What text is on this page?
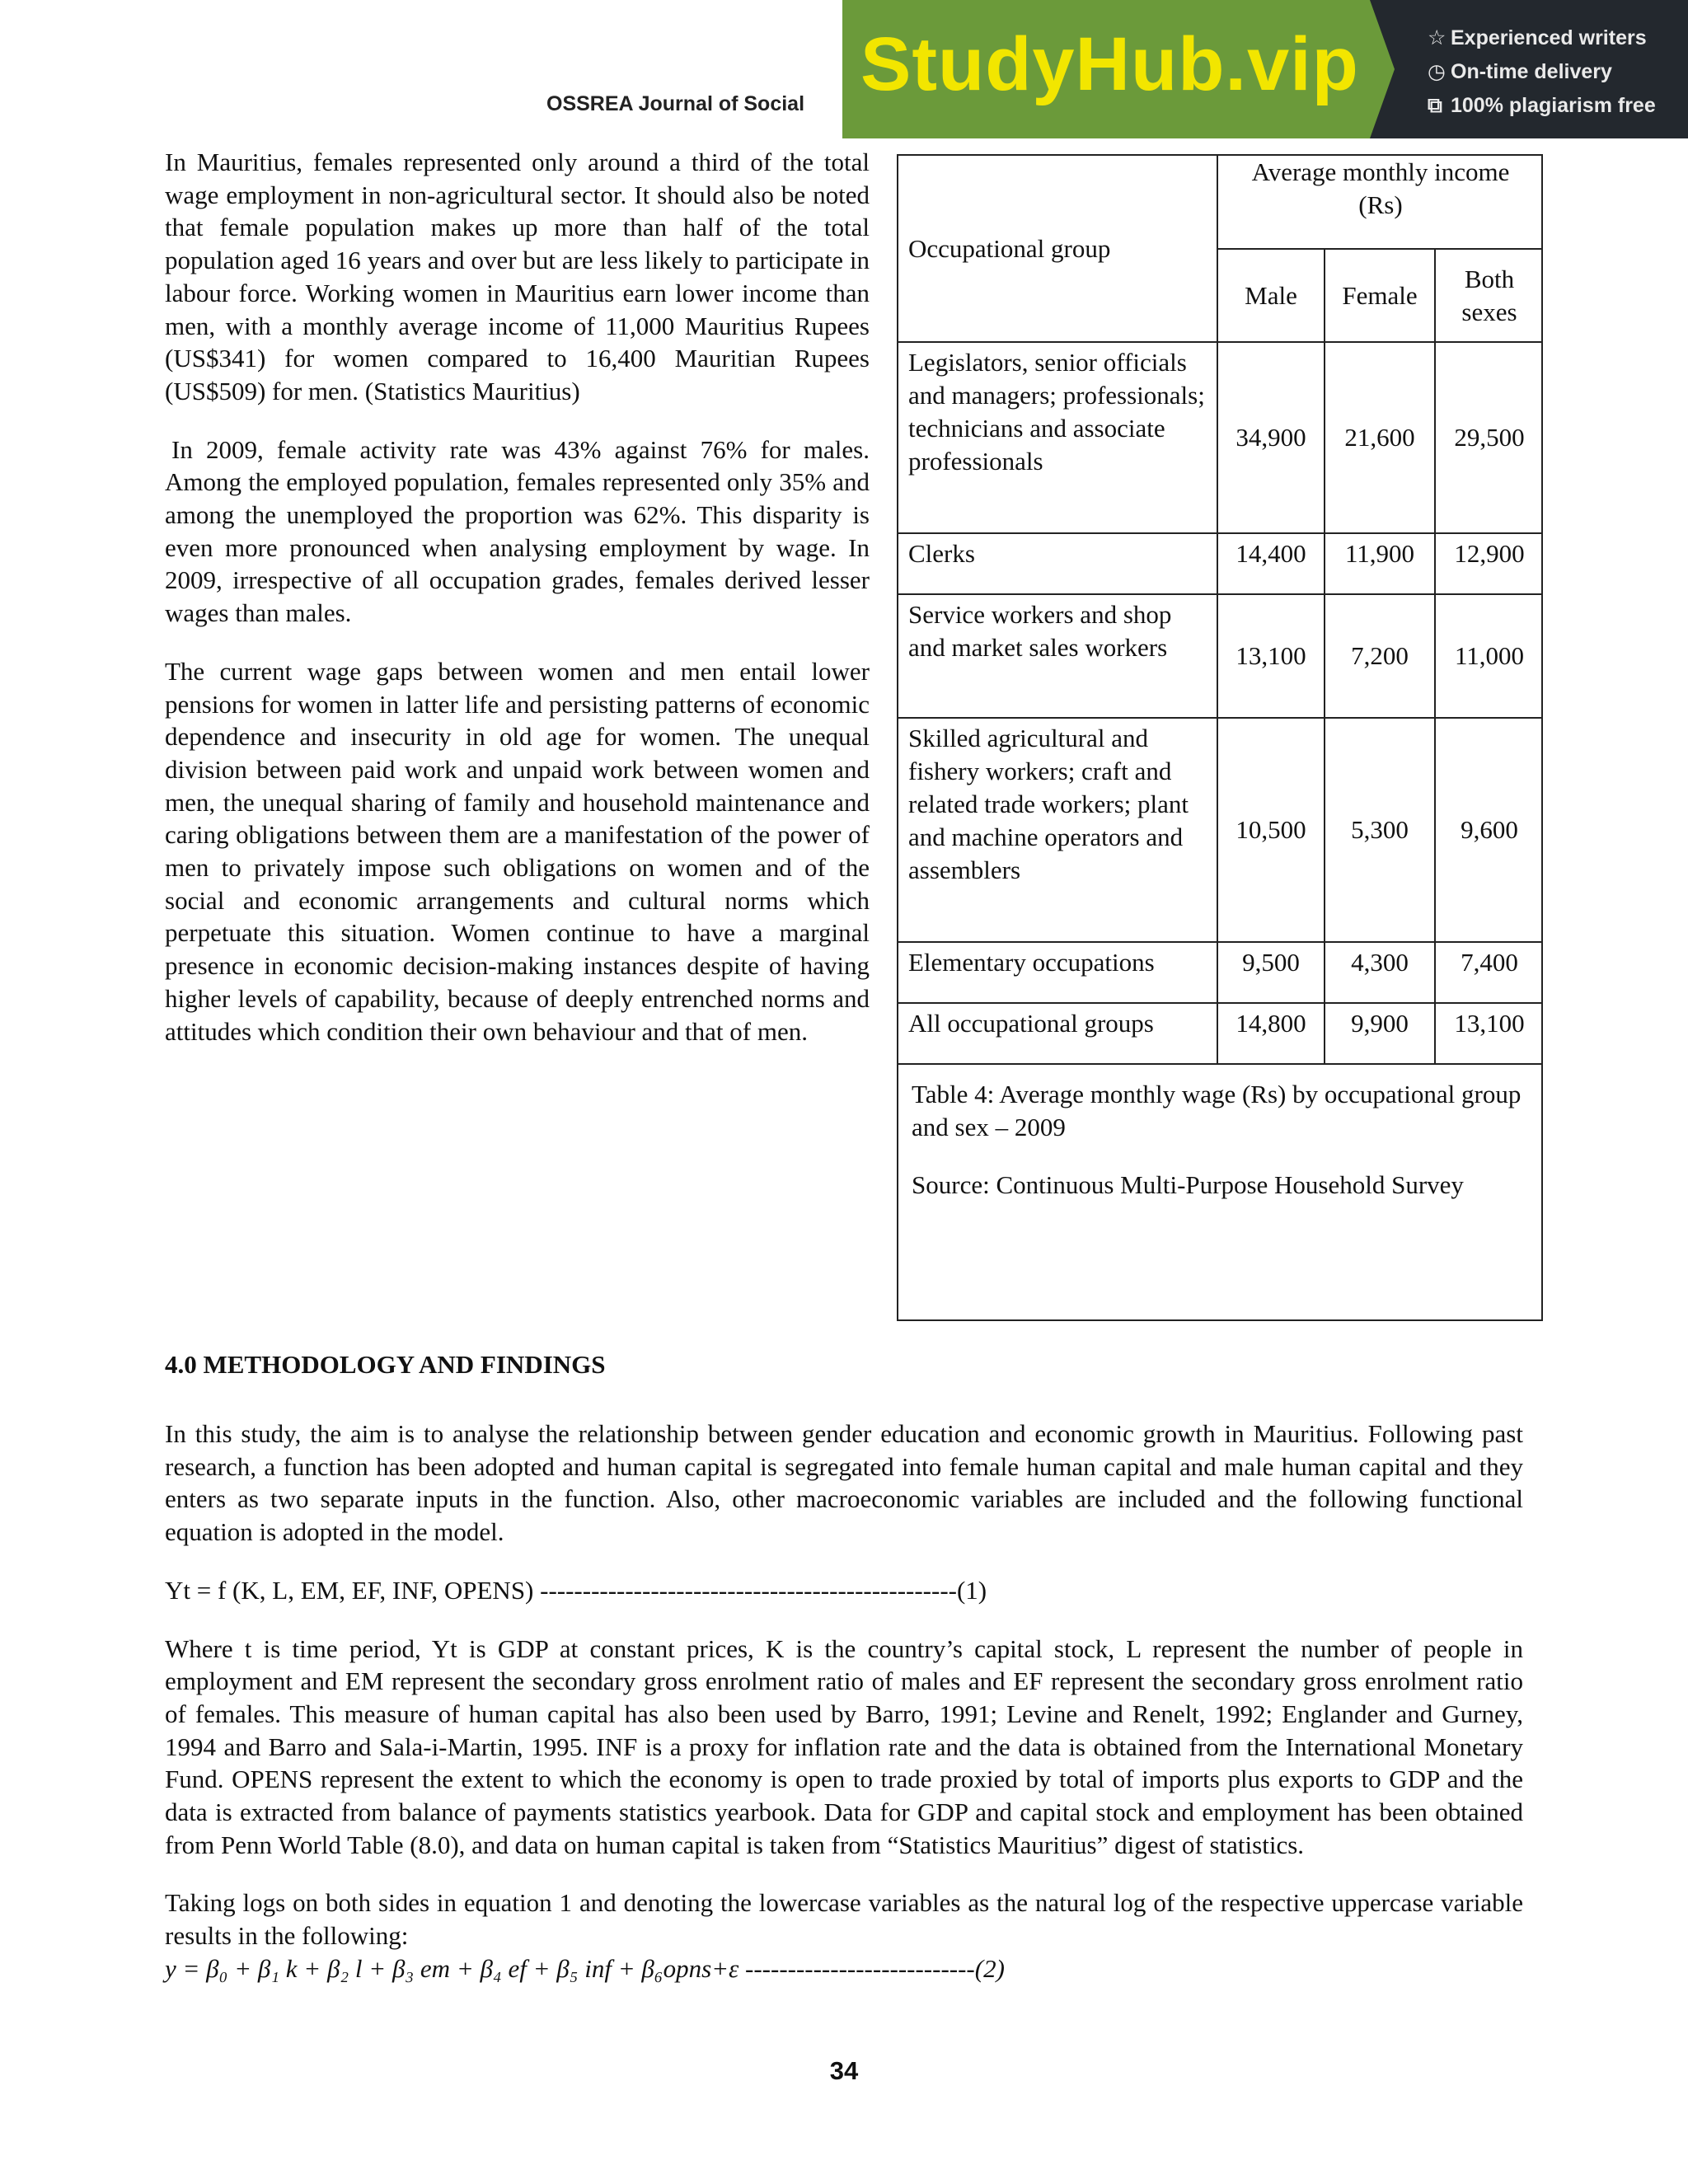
OSSREA Journal of Social StudyHub.vip	☆ Experienced writers
◷ On-time delivery
⧉ 100% plagiarism free

In Mauritius, females represented only around a third of the total wage employment in non-agricultural sector. It should also be noted that female population makes up more than half of the total population aged 16 years and over but are less likely to participate in labour force. Working women in Mauritius earn lower income than men, with a monthly average income of 11,000 Mauritius Rupees (US$341) for women compared to 16,400 Mauritian Rupees (US$509) for men. (Statistics Mauritius)

In 2009, female activity rate was 43% against 76% for males. Among the employed population, females represented only 35% and among the unemployed the proportion was 62%. This disparity is even more pronounced when analysing employment by wage. In 2009, irrespective of all occupation grades, females derived lesser wages than males.

The current wage gaps between women and men entail lower pensions for women in latter life and persisting patterns of economic dependence and insecurity in old age for women. The unequal division between paid work and unpaid work between women and men, the unequal sharing of family and household maintenance and caring obligations between them are a manifestation of the power of men to privately impose such obligations on women and of the social and economic arrangements and cultural norms which perpetuate this situation. Women continue to have a marginal presence in economic decision-making instances despite of having higher levels of capability, because of deeply entrenched norms and attitudes which condition their own behaviour and that of men.

Occupational group	Average monthly income (Rs)		
	Male	Female	Both sexes
Legislators, senior officials and managers; professionals; technicians and associate professionals	34,900	21,600	29,500
Clerks	14,400	11,900	12,900
Service workers and shop and market sales workers	13,100	7,200	11,000
Skilled agricultural and fishery workers; craft and related trade workers; plant and machine operators and assemblers	10,500	5,300	9,600
Elementary occupations	9,500	4,300	7,400
All occupational groups	14,800	9,900	13,100

Table 4: Average monthly wage (Rs) by occupational group and sex – 2009

Source: Continuous Multi-Purpose Household Survey

4.0 METHODOLOGY AND FINDINGS

In this study, the aim is to analyse the relationship between gender education and economic growth in Mauritius. Following past research, a function has been adopted and human capital is segregated into female human capital and male human capital and they enters as two separate inputs in the function. Also, other macroeconomic variables are included and the following functional equation is adopted in the model.

Yt = f (K, L, EM, EF, INF, OPENS) -------------------------------------------------(1)

Where t is time period, Yt is GDP at constant prices, K is the country’s capital stock, L represent the number of people in employment and EM represent the secondary gross enrolment ratio of males and EF represent the secondary gross enrolment ratio of females. This measure of human capital has also been used by Barro, 1991; Levine and Renelt, 1992; Englander and Gurney, 1994 and Barro and Sala-i-Martin, 1995. INF is a proxy for inflation rate and the data is obtained from the International Monetary Fund. OPENS represent the extent to which the economy is open to trade proxied by total of imports plus exports to GDP and the data is extracted from balance of payments statistics yearbook. Data for GDP and capital stock and employment has been obtained from Penn World Table (8.0), and data on human capital is taken from “Statistics Mauritius” digest of statistics.

Taking logs on both sides in equation 1 and denoting the lowercase variables as the natural log of the respective uppercase variable results in the following:

y = β₀ + β₁ k + β₂ l + β₃ em + β₄ ef + β₅ inf + β₆opns+ε ---------------------------(2)
34
